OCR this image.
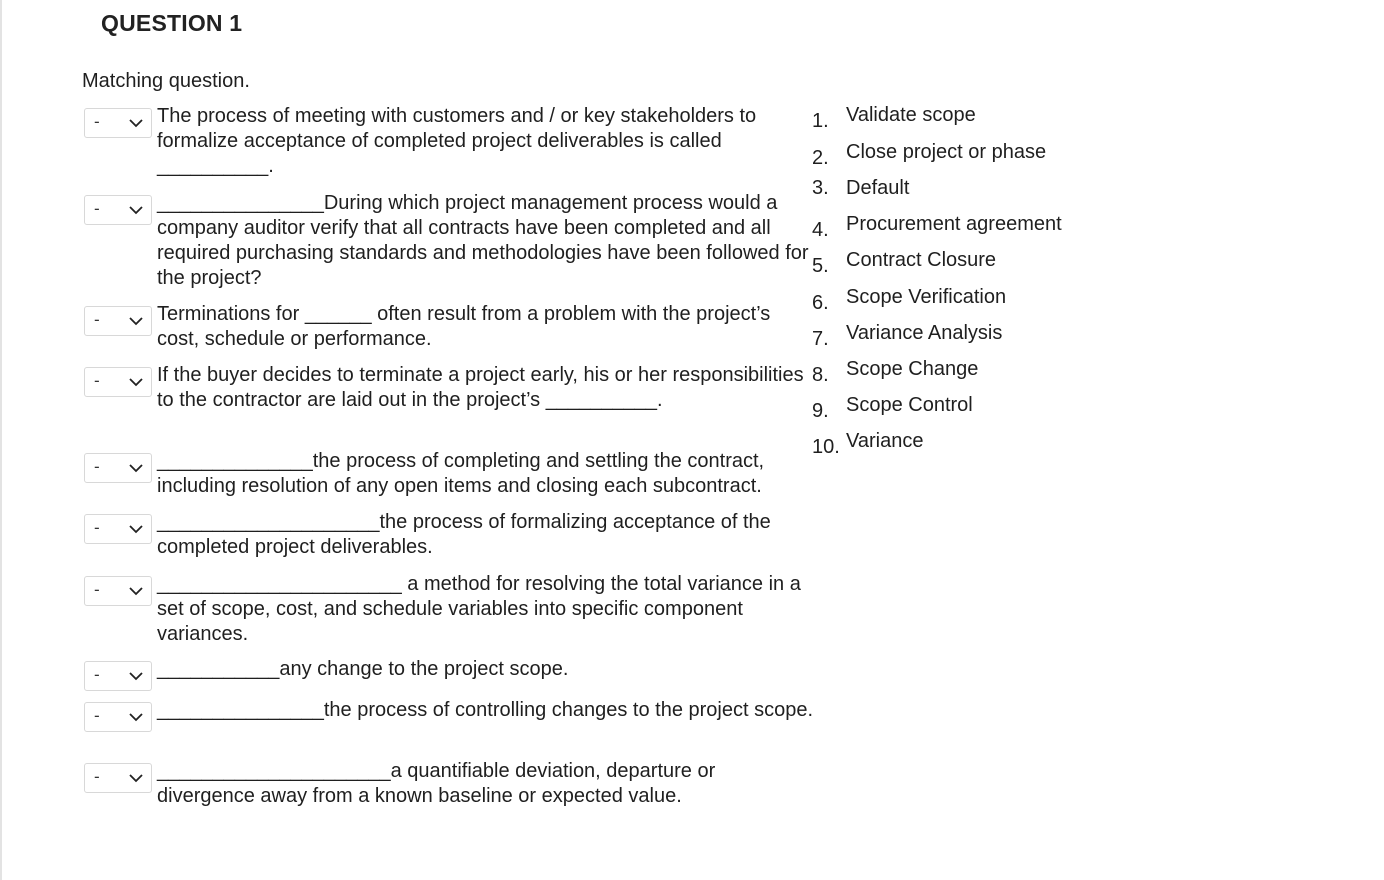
QUESTION 1
Matching question.
-	The process of meeting with customers and / or key stakeholders to formalize acceptance of completed project deliverables is called __________.
-	_______________During which project management process would a company auditor verify that all contracts have been completed and all required purchasing standards and methodologies have been followed for the project?
-	Terminations for ______ often result from a problem with the project’s cost, schedule or performance.
-	If the buyer decides to terminate a project early, his or her responsibilities to the contractor are laid out in the project’s __________.
-	______________the process of completing and settling the contract, including resolution of any open items and closing each subcontract.
-	____________________the process of formalizing acceptance of the completed project deliverables.
-	______________________ a method for resolving the total variance in a set of scope, cost, and schedule variables into specific component variances.
-	___________any change to the project scope.
-	_______________the process of controlling changes to the project scope.
-	_____________________a quantifiable deviation, departure or divergence away from a known baseline or expected value.
1. Validate scope
2. Close project or phase
3. Default
4. Procurement agreement
5. Contract Closure
6. Scope Verification
7. Variance Analysis
8. Scope Change
9. Scope Control
10. Variance
